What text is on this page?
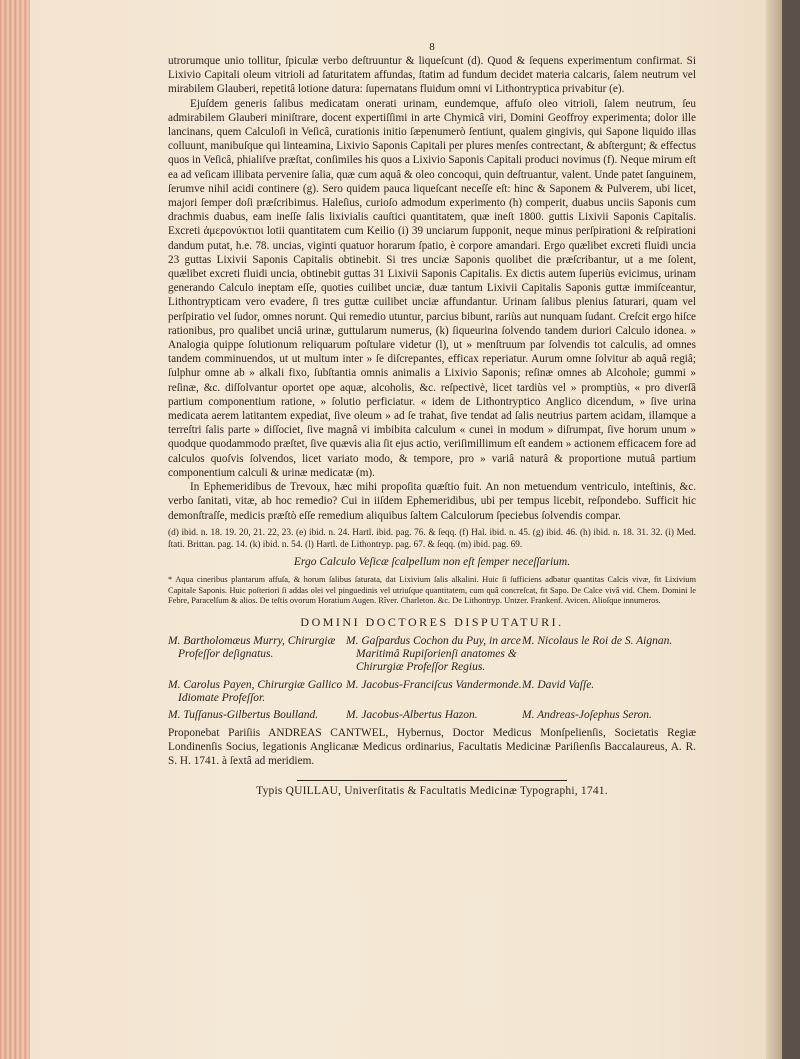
8

utrorumque unio tollitur, ſpiculæ verbo deſtruuntur & liqueſcunt (d). Quod & ſequens experimentum confirmat. Si Lixivio Capitali oleum vitrioli ad ſaturitatem affundas, ſtatim ad fundum decidet materia calcaris, ſalem neutrum vel mirabilem Glauberi, repetitâ lotione datura: ſupernatans fluidum omni vi Lithontryptica privabitur (e).

Ejuſdem generis ſalibus medicatam onerati urinam, eundemque, affuſo oleo vitrioli, ſalem neutrum, ſeu admirabilem Glauberi miniſtrare, docent expertiſſimi in arte Chymicâ viri, Domini Geoffroy experimenta; dolor ille lancinans, quem Calculoſi in Veſicâ, curationis initio ſæpenumerò ſentiunt, qualem gingivis, qui Sapone liquido illas colluunt, manibuſque qui linteamina, Lixivio Saponis Capitali per plures menſes contrectant, & abſtergunt; & effectus quos in Veſicâ, phialiſve præſtat, conſimiles his quos a Lixivio Saponis Capitali produci novimus (f). Neque mirum eſt ea ad veſicam illibata pervenire ſalia, quæ cum aquâ & oleo concoqui, quin deſtruantur, valent. Unde patet ſanguinem, ſerumve nihil acidi continere (g). Sero quidem pauca liqueſcant neceſſe eſt: hinc & Saponem & Pulverem, ubi licet, majori ſemper doſi præſcribimus. Haleſius, curioſo admodum experimento (h) comperit, duabus unciis Saponis cum drachmis duabus, eam ineſſe ſalis lixivialis cauſtici quantitatem, quæ ineſt 1800. guttis Lixivii Saponis Capitalis. Excreti ἀμερονύκτιοι lotii quantitatem cum Keilio (i) 39 unciarum ſupponit, neque minus perſpirationi & reſpirationi dandum putat, h.e. 78. uncias, viginti quatuor horarum ſpatio, è corpore amandari. Ergo quælibet excreti fluidi uncia 23 guttas Lixivii Saponis Capitalis obtinebit. Si tres unciæ Saponis quolibet die præſcribantur, ut a me ſolent, quælibet excreti fluidi uncia, obtinebit guttas 31 Lixivii Saponis Capitalis. Ex dictis autem ſuperiùs evicimus, urinam generando Calculo ineptam eſſe, quoties cuilibet unciæ, duæ tantum Lixivii Capitalis Saponis guttæ immiſceantur, Lithontrypticam vero evadere, ſi tres guttæ cuilibet unciæ affundantur. Urinam ſalibus plenius ſaturari, quam vel perſpiratio vel ſudor, omnes norunt. Qui remedio utuntur, parcius bibunt, rariùs aut nunquam ſudant. Creſcit ergo hiſce rationibus, pro qualibet unciâ urinæ, guttularum numerus, (k) ſiqueurina ſolvendo tandem duriori Calculo idonea. » Analogia quippe ſolutionum reliquarum poſtulare videtur (l), ut » menſtruum par ſolvendis tot calculis, ad omnes tandem comminuendos, ut ut multum inter » ſe diſcrepantes, efficax reperiatur. Aurum omne ſolvitur ab aquâ regiâ; ſulphur omne ab » alkali fixo, ſubſtantia omnis animalis a Lixivio Saponis; reſinæ omnes ab Alcohole; gummi » reſinæ, &c. diſſolvantur oportet ope aquæ, alcoholis, &c. reſpectivè, licet tardiùs vel » promptiùs, « pro diverſâ partium componentium ratione, » ſolutio perficiatur. « idem de Lithontryptico Anglico dicendum, » ſive urina medicata aerem latitantem expediat, ſive oleum » ad ſe trahat, ſive tendat ad ſalis neutrius partem acidam, illamque a terreſtri ſalis parte » diſſociet, ſive magnâ vi imbibita calculum « cunei in modum » diſrumpat, ſive horum unum » quodque quodammodo præſtet, ſive quævis alia ſit ejus actio, veriſimillimum eſt eandem » actionem efficacem fore ad calculos quoſvis ſolvendos, licet variato modo, & tempore, pro » variâ naturâ & proportione mutuâ partium componentium calculi & urinæ medicatæ (m).

In Ephemeridibus de Trevoux, hæc mihi propoſita quæſtio fuit. An non metuendum ventriculo, inteſtinis, &c. verbo ſanitati, vitæ, ab hoc remedio? Cui in iiſdem Ephemeridibus, ubi per tempus licebit, reſpondebo. Sufficit hic demonſtraſſe, medicis præſtò eſſe remedium aliquibus ſaltem Calculorum ſpeciebus ſolvendis compar.

(d) ibid. n. 18. 19. 20, 21. 22, 23. (e) ibid. n. 24. Hartl. ibid. pag. 76. & ſeqq. (f) Hal. ibid. n. 45. (g) ibid. 46. (h) ibid. n. 18. 31. 32. (i) Med. ſtati. Brittan. pag. 14. (k) ibid. n. 54. (l) Hartl. de Lithontryp. pag. 67. & ſeqq. (m) ibid. pag. 69.

Ergo Calculo Veſicæ ſcalpellum non eſt ſemper neceſſarium.

* Aqua cineribus plantarum affuſa, & horum ſalibus ſaturata, dat Lixivium ſalis alkalini. Huic ſi ſufficiens adbatur quantitas Calcis vivæ, fit Lixivium Capitale Saponis. Huic poſteriori ſi addas olei vel pinguedinis vel utriuſque quantitatem, cum quâ concreſcat, fit Sapo. De Calce vivâ vid. Chem. Domini le Febre, Paracelſum & alios. De teſtis ovorum Horatium Augen. Rîver. Charleton. &c. De Lithontryp. Untzer. Frankenf. Avicen. Alioſque innumeros.

DOMINI DOCTORES DISPUTATURI.
M. Bartholomæus Murry, Chirurgiæ Profeſſor deſignatus.
M. Gaſpardus Cochon du Puy, in arce Maritimâ Rupiſorienſi anatomes & Chirurgiæ Profeſſor Regius.
M. Nicolaus le Roi de S. Aignan.
M. Carolus Payen, Chirurgiæ Gallico Idiomate Profeſſor.
M. Jacobus-Franciſcus Vandermonde. M. David Vaſſe.
M. Tuſſanus-Gilbertus Boulland.	M. Jacobus-Albertus Hazon.	M. Andreas-Joſephus Seron.

Proponebat Pariſiis ANDREAS CANTWEL, Hybernus, Doctor Medicus Monſpelienſis, Societatis Regiæ Londinenſis Socius, legationis Anglicanæ Medicus ordinarius, Facultatis Medicinæ Pariſienſis Baccalaureus, A. R. S. H. 1741. à ſextâ ad meridiem.

Typis QUILLAU, Univerſitatis & Facultatis Medicinæ Typographi, 1741.
